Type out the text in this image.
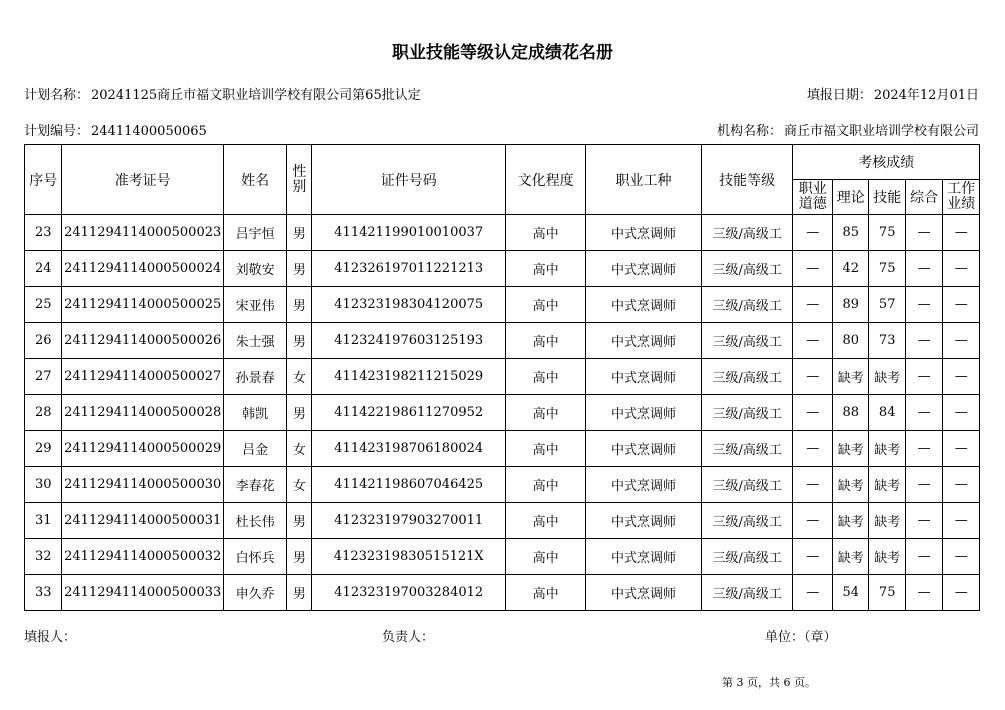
职业技能等级认定成绩花名册
计划名称： 20241125商丘市福文职业培训学校有限公司第65批认定	填报日期： 2024年12月01日
计划编号： 24411400050065	机构名称： 商丘市福文职业培训学校有限公司
序号	准考证号	姓名	性别	证件号码	文化程度	职业工种	技能等级	考核成绩				
								职业道德	理论	技能	综合	工作业绩
23	2411294114000500023	吕宇恒	男	411421199010010037	高中	中式烹调师	三级/高级工	—	85	75	—	—
24	2411294114000500024	刘敬安	男	412326197011221213	高中	中式烹调师	三级/高级工	—	42	75	—	—
25	2411294114000500025	宋亚伟	男	412323198304120075	高中	中式烹调师	三级/高级工	—	89	57	—	—
26	2411294114000500026	朱士强	男	412324197603125193	高中	中式烹调师	三级/高级工	—	80	73	—	—
27	2411294114000500027	孙景春	女	411423198211215029	高中	中式烹调师	三级/高级工	—	缺考	缺考	—	—
28	2411294114000500028	韩凯	男	411422198611270952	高中	中式烹调师	三级/高级工	—	88	84	—	—
29	2411294114000500029	吕金	女	411423198706180024	高中	中式烹调师	三级/高级工	—	缺考	缺考	—	—
30	2411294114000500030	李春花	女	411421198607046425	高中	中式烹调师	三级/高级工	—	缺考	缺考	—	—
31	2411294114000500031	杜长伟	男	412323197903270011	高中	中式烹调师	三级/高级工	—	缺考	缺考	—	—
32	2411294114000500032	白怀兵	男	41232319830515121X	高中	中式烹调师	三级/高级工	—	缺考	缺考	—	—
33	2411294114000500033	申久乔	男	412323197003284012	高中	中式烹调师	三级/高级工	—	54	75	—	—
填报人：	负责人：	单位：（章）
第 3 页，共 6 页。
